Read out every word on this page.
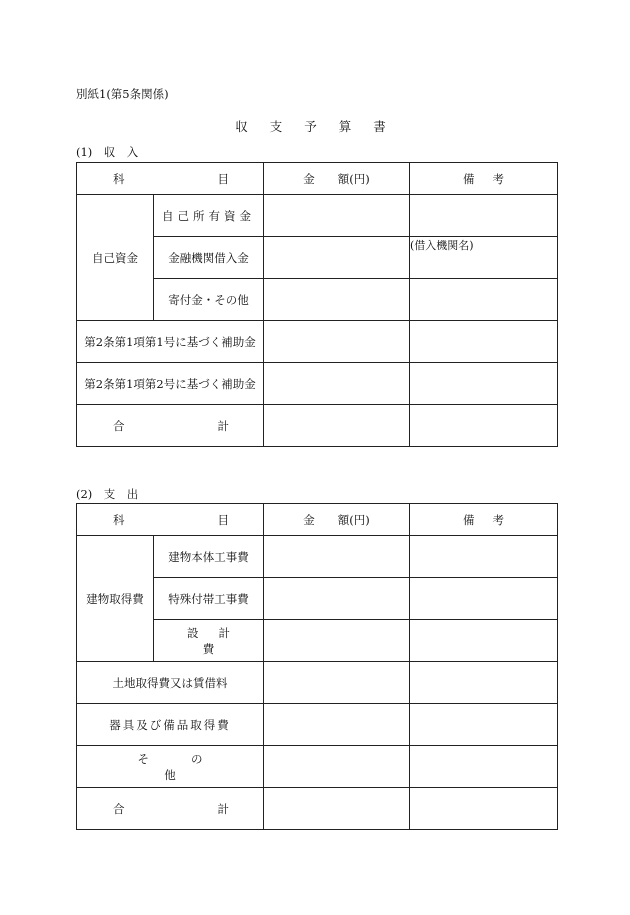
別紙1(第5条関係)
収 支 予 算 書
(1)　収　入
科 目		金　　額(円)	備 考

自己資金	自己所有資金		
	金融機関借入金		(借入機関名)
	寄付金・その他		
第2条第1項第1号に基づく補助金			
第2条第1項第2号に基づく補助金			

合 計			

(2)　支　出
科 目		金　　額(円)	備 考

建物取得費	建物本体工事費		
	特殊付帯工事費		
	設計費		
土地取得費又は賃借料			
器具及び備品取得費			
その他			

合 計			
